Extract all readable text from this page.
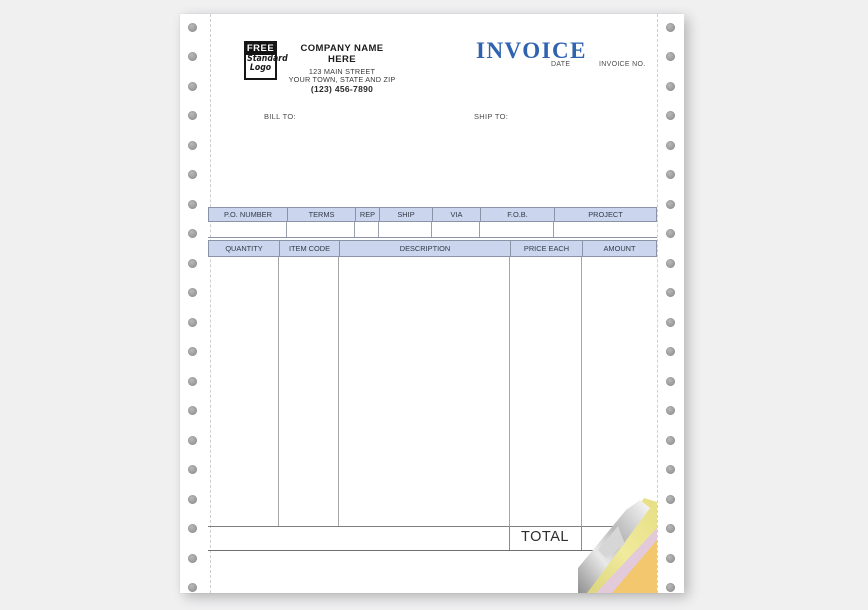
FREE
Standard
Logo
COMPANY NAME HERE
123 MAIN STREET
YOUR TOWN, STATE AND ZIP
(123) 456-7890
INVOICE
DATE	INVOICE NO.
BILL TO:	SHIP TO:
P.O. NUMBER	TERMS	REP	SHIP	VIA	F.O.B.	PROJECT
QUANTITY	ITEM CODE	DESCRIPTION	PRICE EACH	AMOUNT
TOTAL
